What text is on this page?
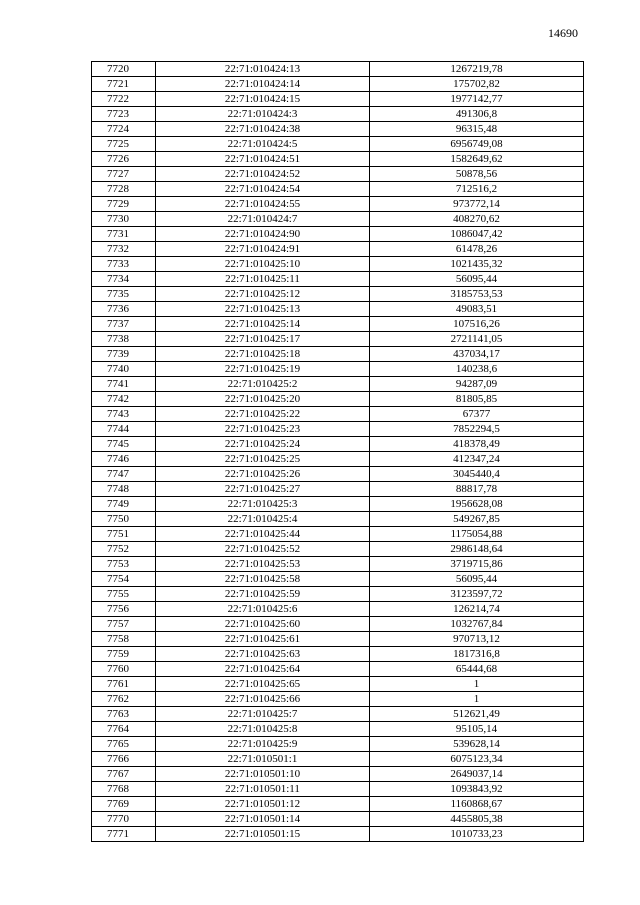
14690
7720	22:71:010424:13	1267219,78
7721	22:71:010424:14	175702,82
7722	22:71:010424:15	1977142,77
7723	22:71:010424:3	491306,8
7724	22:71:010424:38	96315,48
7725	22:71:010424:5	6956749,08
7726	22:71:010424:51	1582649,62
7727	22:71:010424:52	50878,56
7728	22:71:010424:54	712516,2
7729	22:71:010424:55	973772,14
7730	22:71:010424:7	408270,62
7731	22:71:010424:90	1086047,42
7732	22:71:010424:91	61478,26
7733	22:71:010425:10	1021435,32
7734	22:71:010425:11	56095,44
7735	22:71:010425:12	3185753,53
7736	22:71:010425:13	49083,51
7737	22:71:010425:14	107516,26
7738	22:71:010425:17	2721141,05
7739	22:71:010425:18	437034,17
7740	22:71:010425:19	140238,6
7741	22:71:010425:2	94287,09
7742	22:71:010425:20	81805,85
7743	22:71:010425:22	67377
7744	22:71:010425:23	7852294,5
7745	22:71:010425:24	418378,49
7746	22:71:010425:25	412347,24
7747	22:71:010425:26	3045440,4
7748	22:71:010425:27	88817,78
7749	22:71:010425:3	1956628,08
7750	22:71:010425:4	549267,85
7751	22:71:010425:44	1175054,88
7752	22:71:010425:52	2986148,64
7753	22:71:010425:53	3719715,86
7754	22:71:010425:58	56095,44
7755	22:71:010425:59	3123597,72
7756	22:71:010425:6	126214,74
7757	22:71:010425:60	1032767,84
7758	22:71:010425:61	970713,12
7759	22:71:010425:63	1817316,8
7760	22:71:010425:64	65444,68
7761	22:71:010425:65	1
7762	22:71:010425:66	1
7763	22:71:010425:7	512621,49
7764	22:71:010425:8	95105,14
7765	22:71:010425:9	539628,14
7766	22:71:010501:1	6075123,34
7767	22:71:010501:10	2649037,14
7768	22:71:010501:11	1093843,92
7769	22:71:010501:12	1160868,67
7770	22:71:010501:14	4455805,38
7771	22:71:010501:15	1010733,23
